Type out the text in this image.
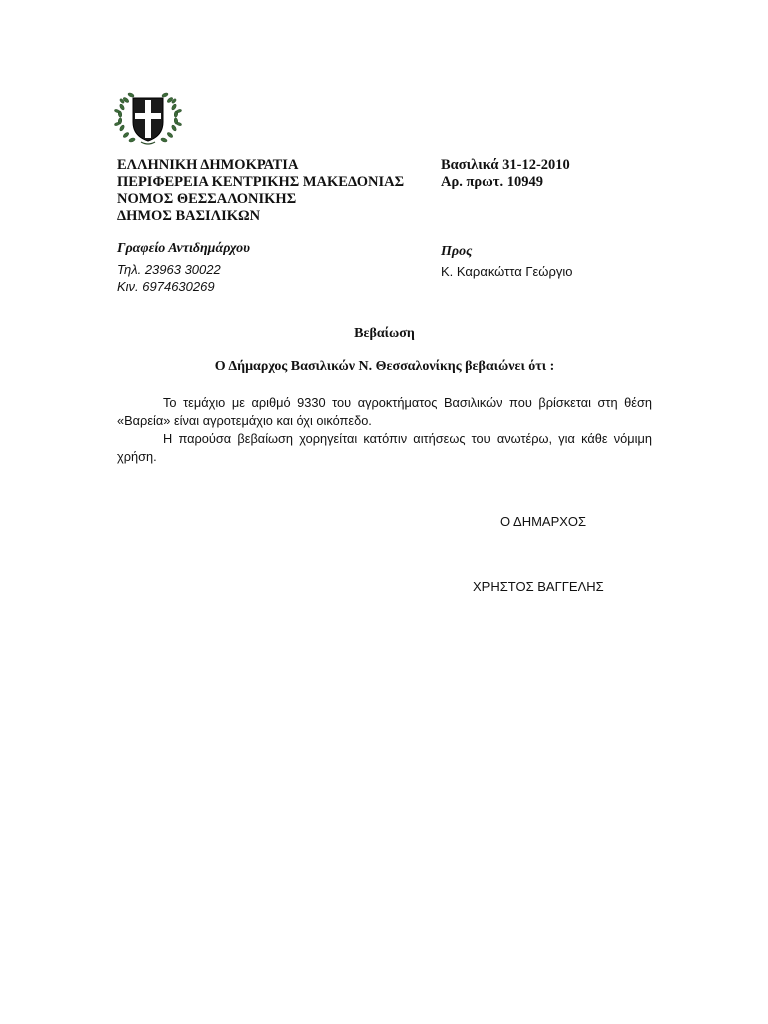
ΕΛΛΗΝΙΚΗ ΔΗΜΟΚΡΑΤΙΑ
ΠΕΡΙΦΕΡΕΙΑ ΚΕΝΤΡΙΚΗΣ ΜΑΚΕΔΟΝΙΑΣ
ΝΟΜΟΣ ΘΕΣΣΑΛΟΝΙΚΗΣ
ΔΗΜΟΣ ΒΑΣΙΛΙΚΩΝ
Βασιλικά 31-12-2010
Αρ. πρωτ. 10949
Γραφείο Αντιδημάρχου
Τηλ. 23963 30022
Κιν. 6974630269
Προς
Κ. Καρακώττα Γεώργιο
Βεβαίωση
Ο Δήμαρχος Βασιλικών Ν. Θεσσαλονίκης βεβαιώνει ότι :

Το τεμάχιο με αριθμό 9330 του αγροκτήματος Βασιλικών που βρίσκεται στη θέση «Βαρεία» είναι αγροτεμάχιο και όχι οικόπεδο.

Η παρούσα βεβαίωση χορηγείται κατόπιν αιτήσεως του ανωτέρω, για κάθε νόμιμη χρήση.

Ο ΔΗΜΑΡΧΟΣ
ΧΡΗΣΤΟΣ ΒΑΓΓΕΛΗΣ
